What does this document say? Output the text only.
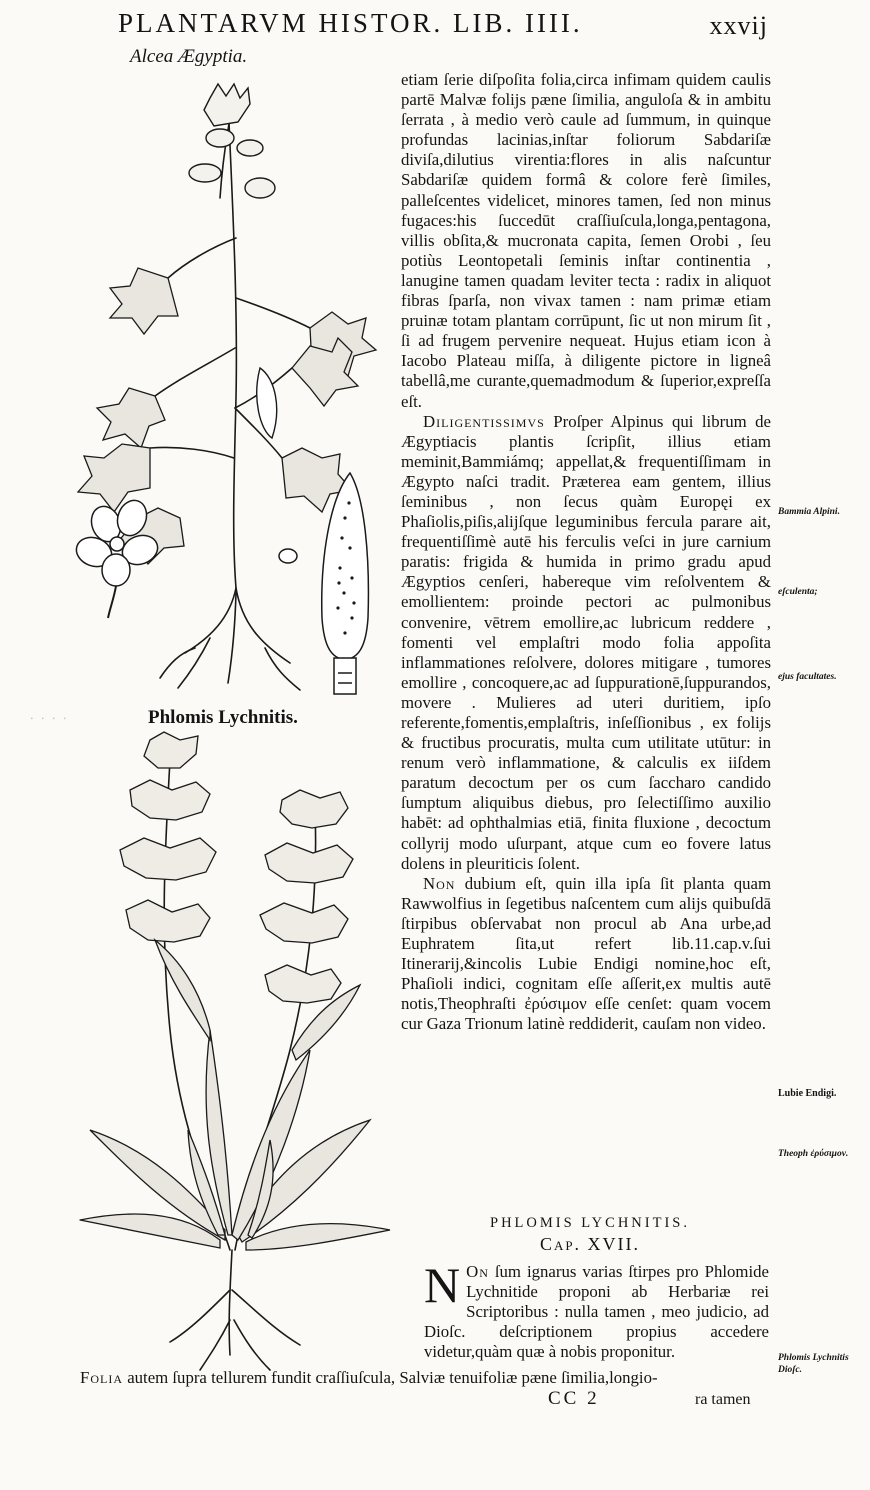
PLANTARVM HISTOR. LIB. IIII.	xxvij
Alcea Ægyptia.
Phlomis Lychnitis.
∙ ∙ ∙ ∙

etiam ſerie diſpoſita folia,circa infimam quidem caulis partē Malvæ folijs pæne ſimilia, anguloſa & in ambitu ſerrata , à medio verò caule ad ſummum, in quinque profundas lacinias,inſtar foliorum Sabdariſæ diviſa,dilutius virentia:flores in alis naſcuntur Sabdariſæ quidem formâ & colore ferè ſimiles, palleſcentes videlicet, minores tamen, ſed non minus fugaces:his ſuccedūt craſſiuſcula,longa,pentagona, villis obſita,& mucronata capita, ſemen Orobi , ſeu potiùs Leontopetali ſeminis inſtar continentia , lanugine tamen quadam leviter tecta : radix in aliquot fibras ſparſa, non vivax tamen : nam primæ etiam pruinæ totam plantam corrūpunt, ſic ut non mirum ſit , ſi ad frugem pervenire nequeat. Hujus etiam icon à Iacobo Plateau miſſa, à diligente pictore in ligneâ tabellâ,me curante,quemadmodum & ſuperior,expreſſa eſt.

Diligentissimvs Proſper Alpinus qui librum de Ægyptiacis plantis ſcripſit, illius etiam meminit,Bammiámq; appellat,& frequentiſſimam in Ægypto naſci tradit. Præterea eam gentem, illius ſeminibus , non ſecus quàm Europęi ex Phaſiolis,piſis,alijſque leguminibus fercula parare ait, frequentiſſimè autē his ferculis veſci in jure carnium paratis: frigida & humida in primo gradu apud Ægyptios cenſeri, habereque vim reſolventem & emollientem: proinde pectori ac pulmonibus convenire, vētrem emollire,ac lubricum reddere , fomenti vel emplaſtri modo folia appoſita inflammationes reſolvere, dolores mitigare , tumores emollire , concoquere,ac ad ſuppurationē,ſuppurandos, movere . Mulieres ad uteri duritiem, ipſo referente,fomentis,emplaſtris, inſeſſionibus , ex folijs & fructibus procuratis, multa cum utilitate utūtur: in renum verò inflammatione, & calculis ex iiſdem paratum decoctum per os cum ſaccharo candido ſumptum aliquibus diebus, pro ſelectiſſimo auxilio habēt: ad ophthalmias etiā, finita fluxione , decoctum collyrij modo uſurpant, atque cum eo fovere latus dolens in pleuriticis ſolent.

Non dubium eſt, quin illa ipſa ſit planta quam Rawwolfius in ſegetibus naſcentem cum alijs quibuſdā ſtirpibus obſervabat non procul ab Ana urbe,ad Euphratem ſita,ut refert lib.11.cap.v.ſui Itinerarij,&incolis Lubie Endigi nomine,hoc eſt, Phaſioli indici, cognitam eſſe aſſerit,ex multis autē notis,Theophraſti ἐρύσιμον eſſe cenſet: quam vocem cur Gaza Trionum latinè reddiderit, cauſam non video.

PHLOMIS LYCHNITIS.
Cap. XVII.
N On ſum ignarus varias ſtirpes pro Phlomide Lychnitide proponi ab Herbariæ rei Scriptoribus : nulla tamen , meo judicio, ad Dioſc. deſcriptionem propius accedere videtur,quàm quæ à nobis proponitur.
Folia autem ſupra tellurem fundit craſſiuſcula, Salviæ tenuifoliæ pæne ſimilia,longio-
CC 2	ra tamen
Bammia Alpini.
eſculenta;
ejus facultates.
Lubie Endigi.
Theoph ἐρύσιμον.
Phlomis Lychnitis Dioſc.
